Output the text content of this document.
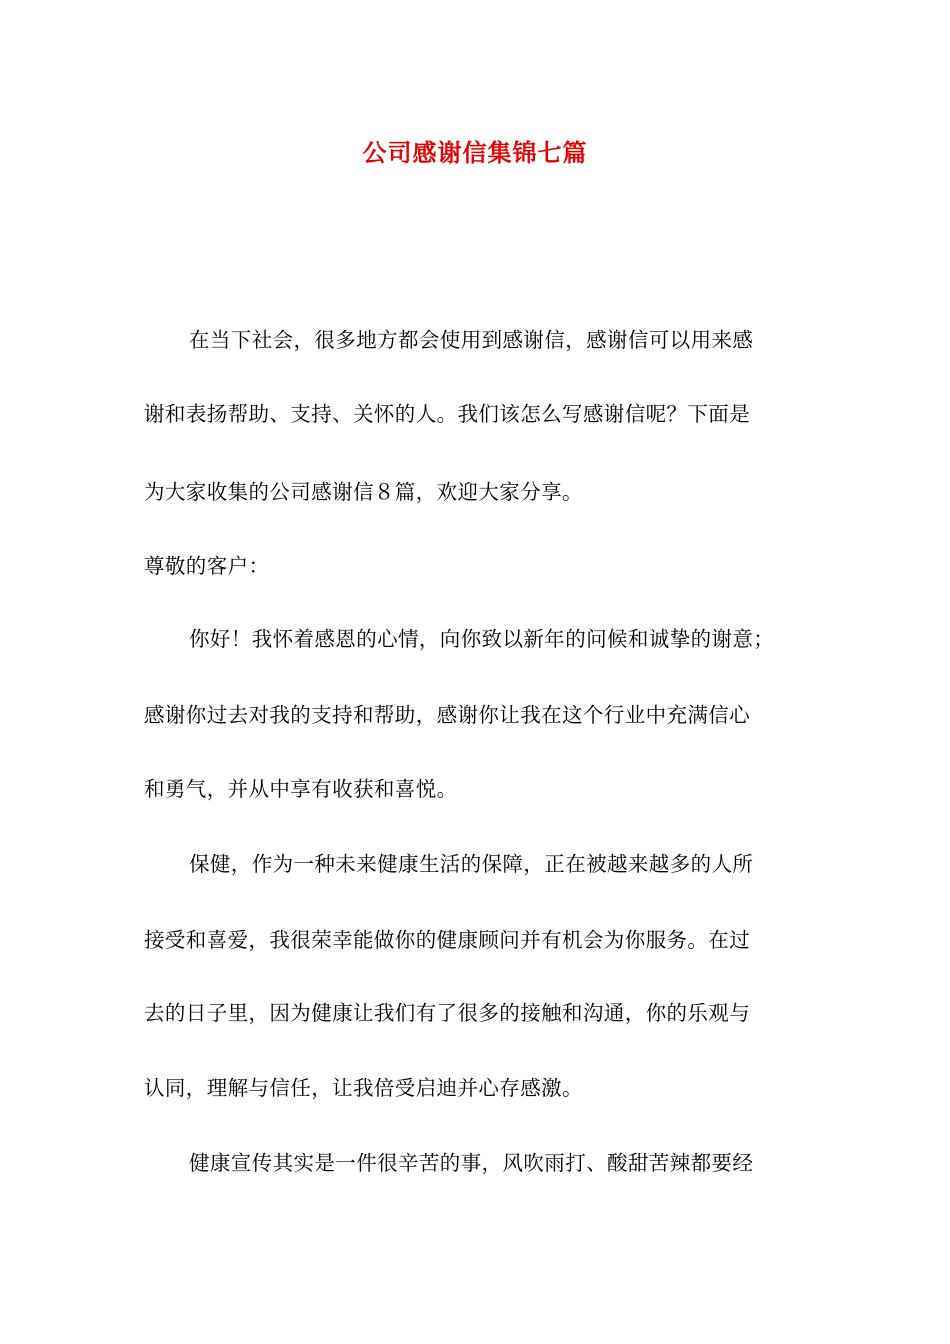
公司感谢信集锦七篇
在当下社会，很多地方都会使用到感谢信，感谢信可以用来感
谢和表扬帮助、支持、关怀的人。我们该怎么写感谢信呢？下面是
为大家收集的公司感谢信８篇，欢迎大家分享。
尊敬的客户：
你好！我怀着感恩的心情，向你致以新年的问候和诚挚的谢意；
感谢你过去对我的支持和帮助，感谢你让我在这个行业中充满信心
和勇气，并从中享有收获和喜悦。
保健，作为一种未来健康生活的保障，正在被越来越多的人所
接受和喜爱，我很荣幸能做你的健康顾问并有机会为你服务。在过
去的日子里，因为健康让我们有了很多的接触和沟通，你的乐观与
认同，理解与信任，让我倍受启迪并心存感激。
健康宣传其实是一件很辛苦的事，风吹雨打、酸甜苦辣都要经
